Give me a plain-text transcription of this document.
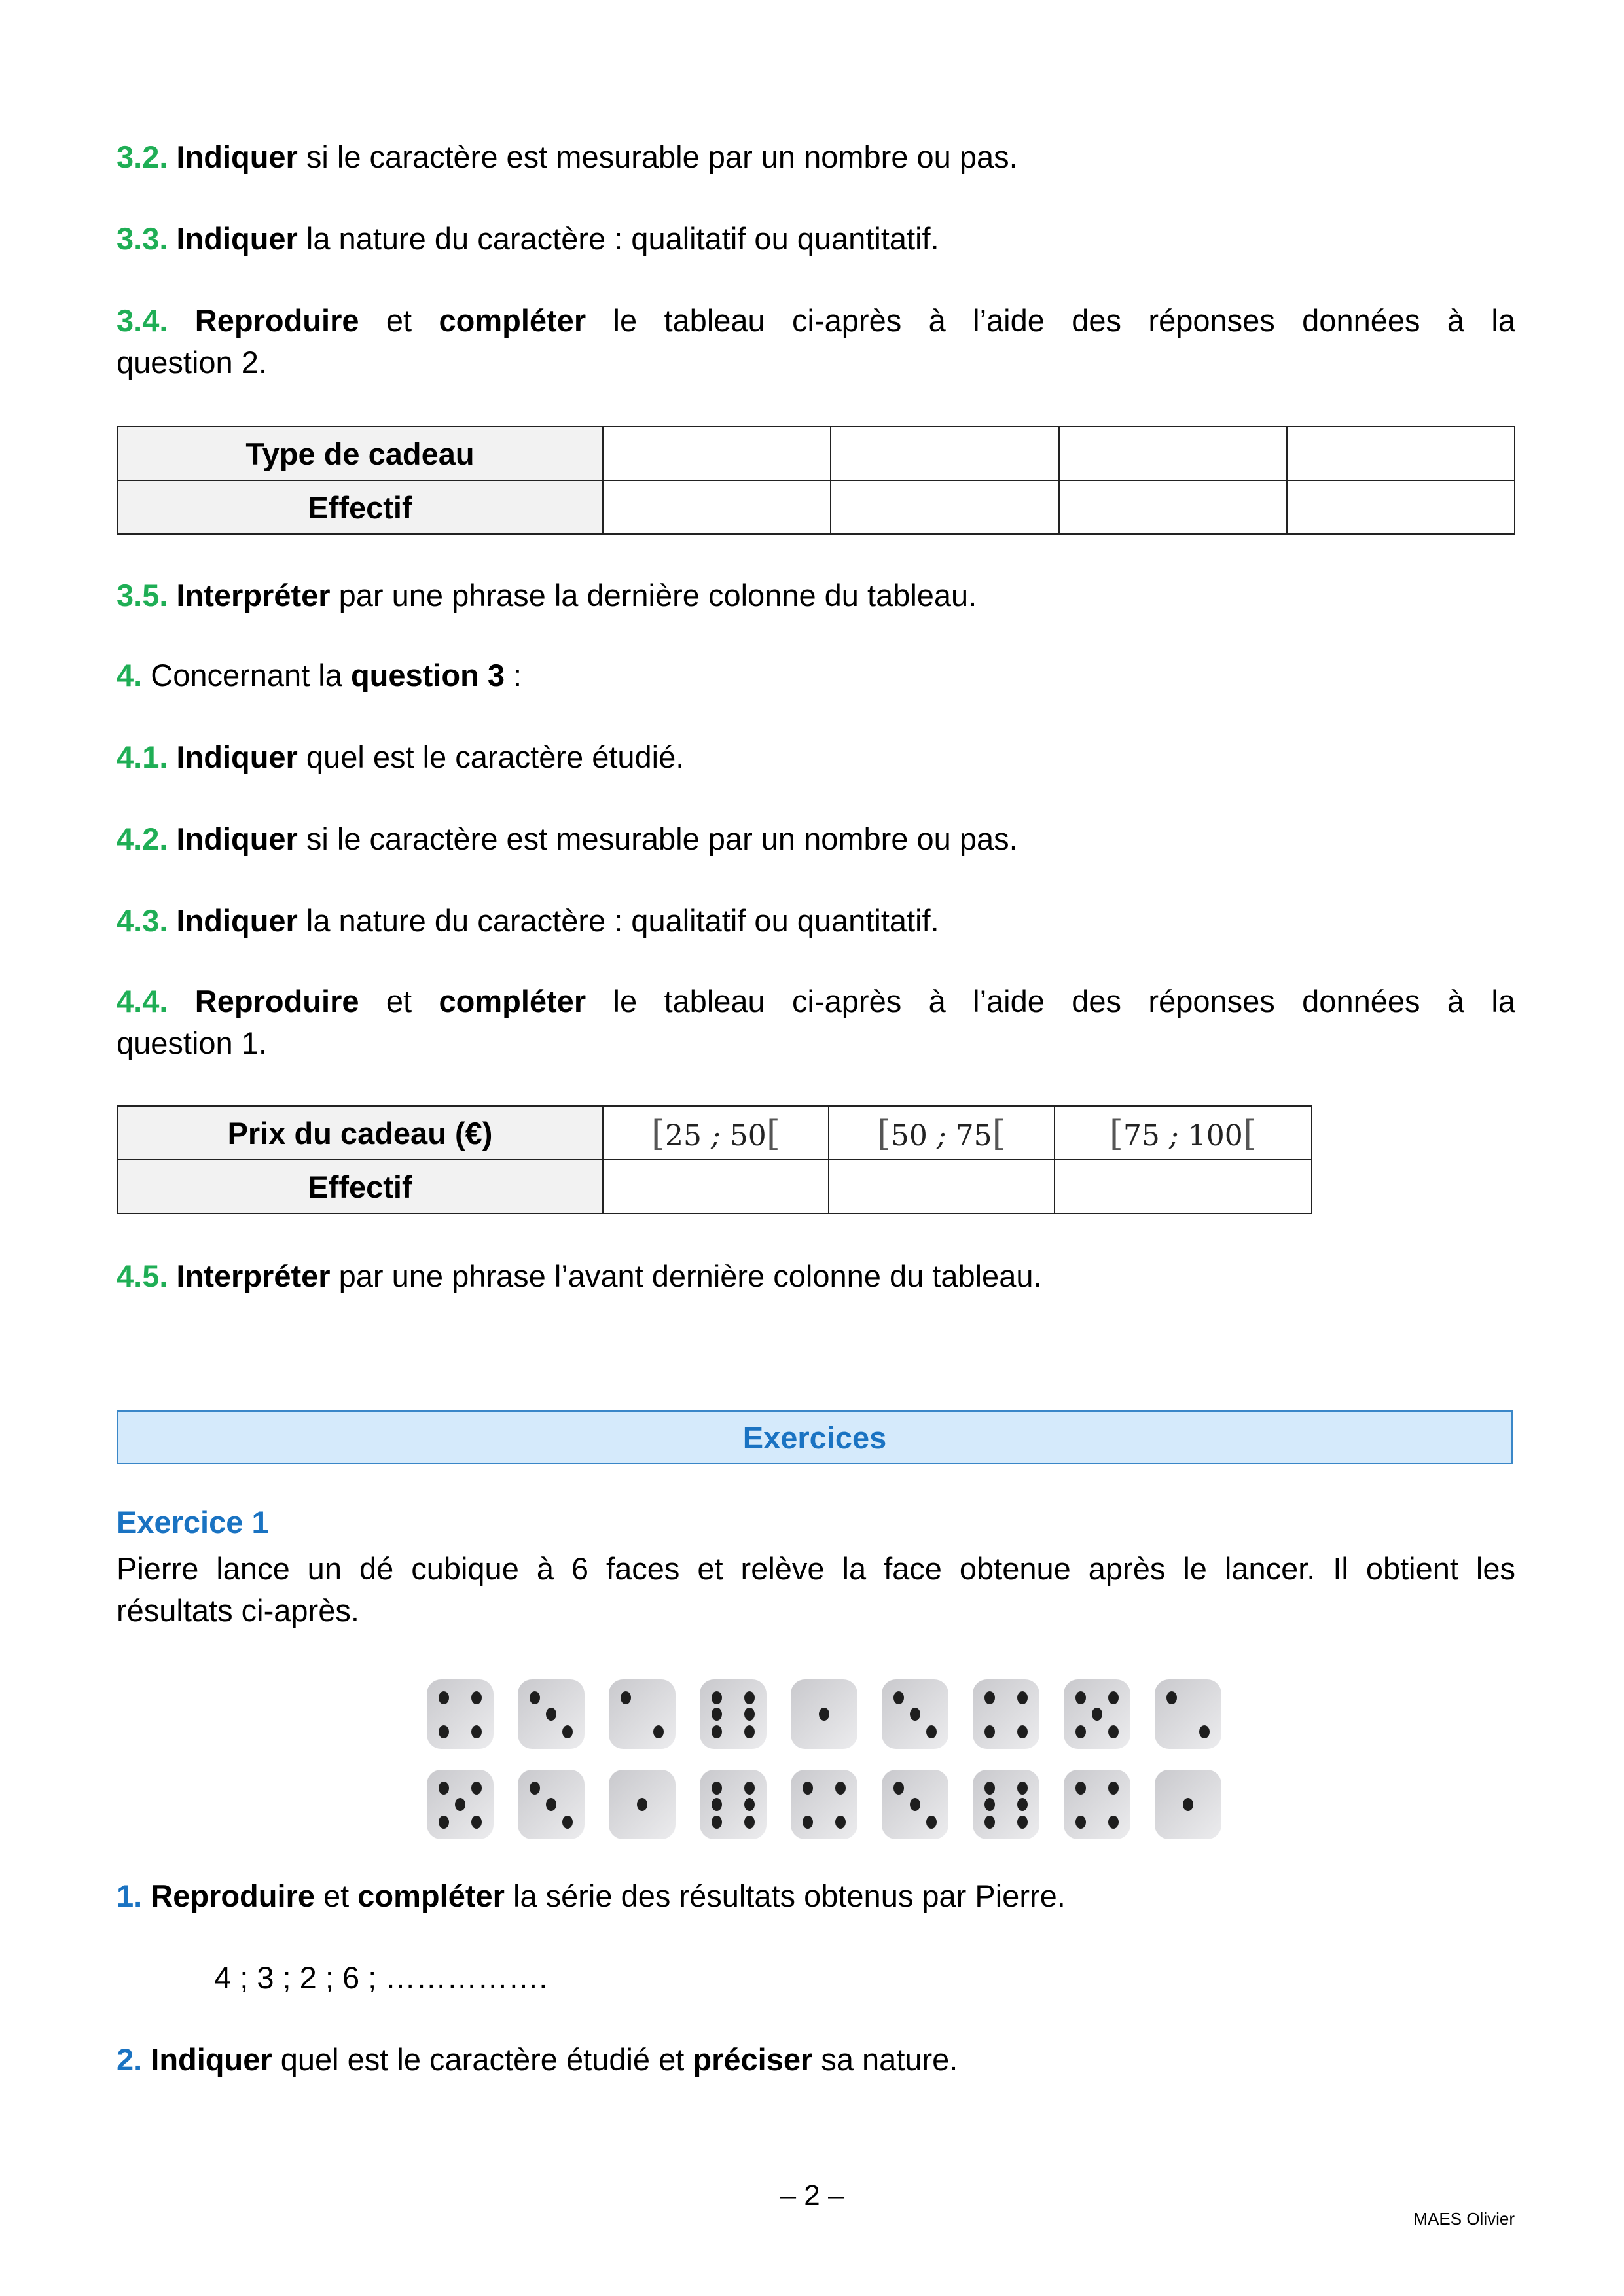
3.2. Indiquer si le caractère est mesurable par un nombre ou pas.
3.3. Indiquer la nature du caractère : qualitatif ou quantitatif.
3.4. Reproduire et compléter le tableau ci-après à l’aide des réponses données à la
question 2.
Type de cadeau				
Effectif				
3.5. Interpréter par une phrase la dernière colonne du tableau.
4. Concernant la question 3 :
4.1. Indiquer quel est le caractère étudié.
4.2. Indiquer si le caractère est mesurable par un nombre ou pas.
4.3. Indiquer la nature du caractère : qualitatif ou quantitatif.
4.4. Reproduire et compléter le tableau ci-après à l’aide des réponses données à la
question 1.
Prix du cadeau (€)	[25 ; 50[	[50 ; 75[	[75 ; 100[
Effectif			
4.5. Interpréter par une phrase l’avant dernière colonne du tableau.
Exercices
Exercice 1
Pierre lance un dé cubique à 6 faces et relève la face obtenue après le lancer. Il obtient les
résultats ci-après.
1. Reproduire et compléter la série des résultats obtenus par Pierre.
4 ; 3 ; 2 ; 6 ; …………….
2. Indiquer quel est le caractère étudié et préciser sa nature.
– 2 –
MAES Olivier
